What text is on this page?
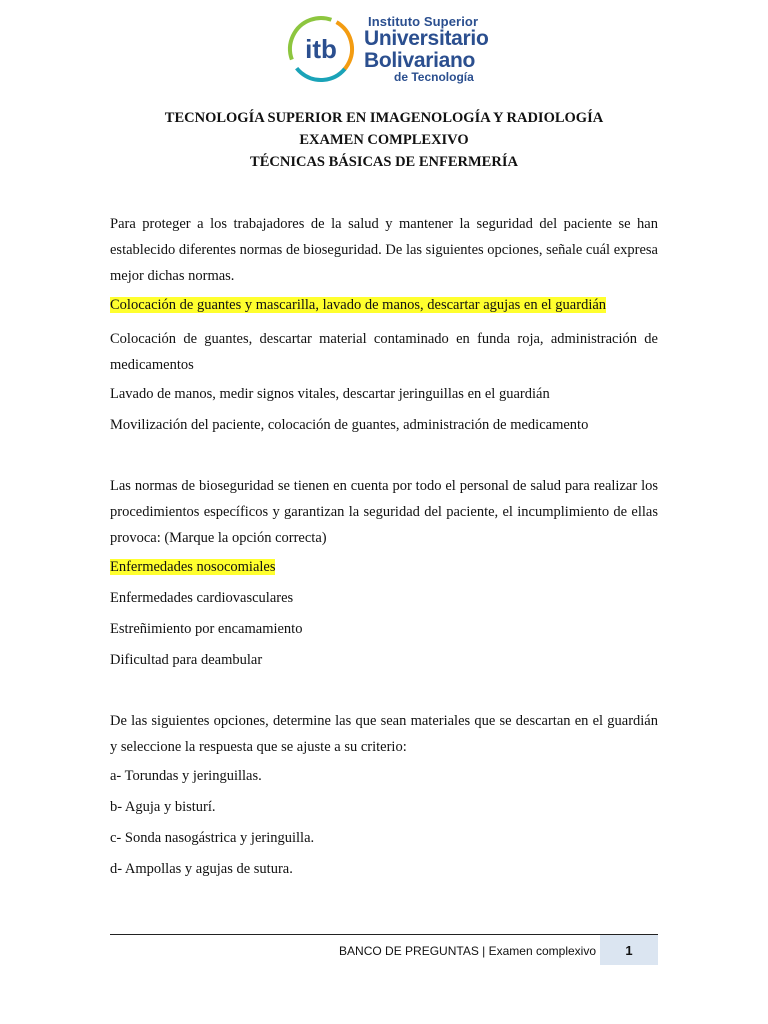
itb
Instituto Superior
Universitario
Bolivariano
de Tecnología
TECNOLOGÍA SUPERIOR EN IMAGENOLOGÍA Y RADIOLOGÍA
EXAMEN COMPLEXIVO
TÉCNICAS BÁSICAS DE ENFERMERÍA

Para proteger a los trabajadores de la salud y mantener la seguridad del paciente se han establecido diferentes normas de bioseguridad. De las siguientes opciones, señale cuál expresa mejor dichas normas.

Colocación de guantes y mascarilla, lavado de manos, descartar agujas en el guardián

Colocación de guantes, descartar material contaminado en funda roja, administración de medicamentos

Lavado de manos, medir signos vitales, descartar jeringuillas en el guardián

Movilización del paciente, colocación de guantes, administración de medicamento

Las normas de bioseguridad se tienen en cuenta por todo el personal de salud para realizar los procedimientos específicos y garantizan la seguridad del paciente, el incumplimiento de ellas provoca: (Marque la opción correcta)

Enfermedades nosocomiales

Enfermedades cardiovasculares

Estreñimiento por encamamiento

Dificultad para deambular

De las siguientes opciones, determine las que sean materiales que se descartan en el guardián y seleccione la respuesta que se ajuste a su criterio:

a- Torundas y jeringuillas.

b- Aguja y bisturí.

c- Sonda nasogástrica y jeringuilla.

d- Ampollas y agujas de sutura.

BANCO DE PREGUNTAS | Examen complexivo	1
